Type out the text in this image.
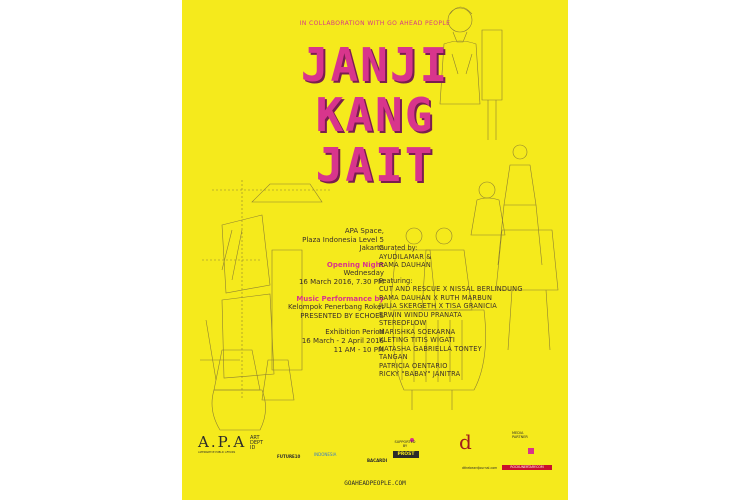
IN COLLABORATION WITH GO AHEAD PEOPLE
JANJI
KANG
JAIT
APA Space,
Plaza Indonesia Level 5
Jakarta
Opening Night
Wednesday
16 March 2016, 7.30 PM
Music Performance by
Kelompok Penerbang Roket
PRESENTED BY ECHOES
Exhibition Period
16 March - 2 April 2016
11 AM - 10 PM
Curated by:
AYUDILAMAR &
RAMA DAUHAN
Featuring:
CUT AND RESCUE X NISSAL BERLINDUNG
RAMA DAUHAN X RUTH MARBUN
JULIA SKERGETH X TISA GRANICIA
ERWIN WINDU PRANATA
STEREOFLOW
MARISHKA SOEKARNA
KLETING TITIS WIGATI
NATASHA GABRIELLA TONTEY
TANGAN
PATRICIA OENTARIO
RICKY "BABAY" JANITRA
A.P.A
ALTERNATIVE PUBLIC AFFAIRS
ART DEPT ID
FUTURE10	INDONESIA
SUPPORTED BY
PROST
BACARDI
d
dthebeardjournal.com
MEDIA PARTNER
ROCKUNERTARY.COM
GOAHEADPEOPLE.COM
